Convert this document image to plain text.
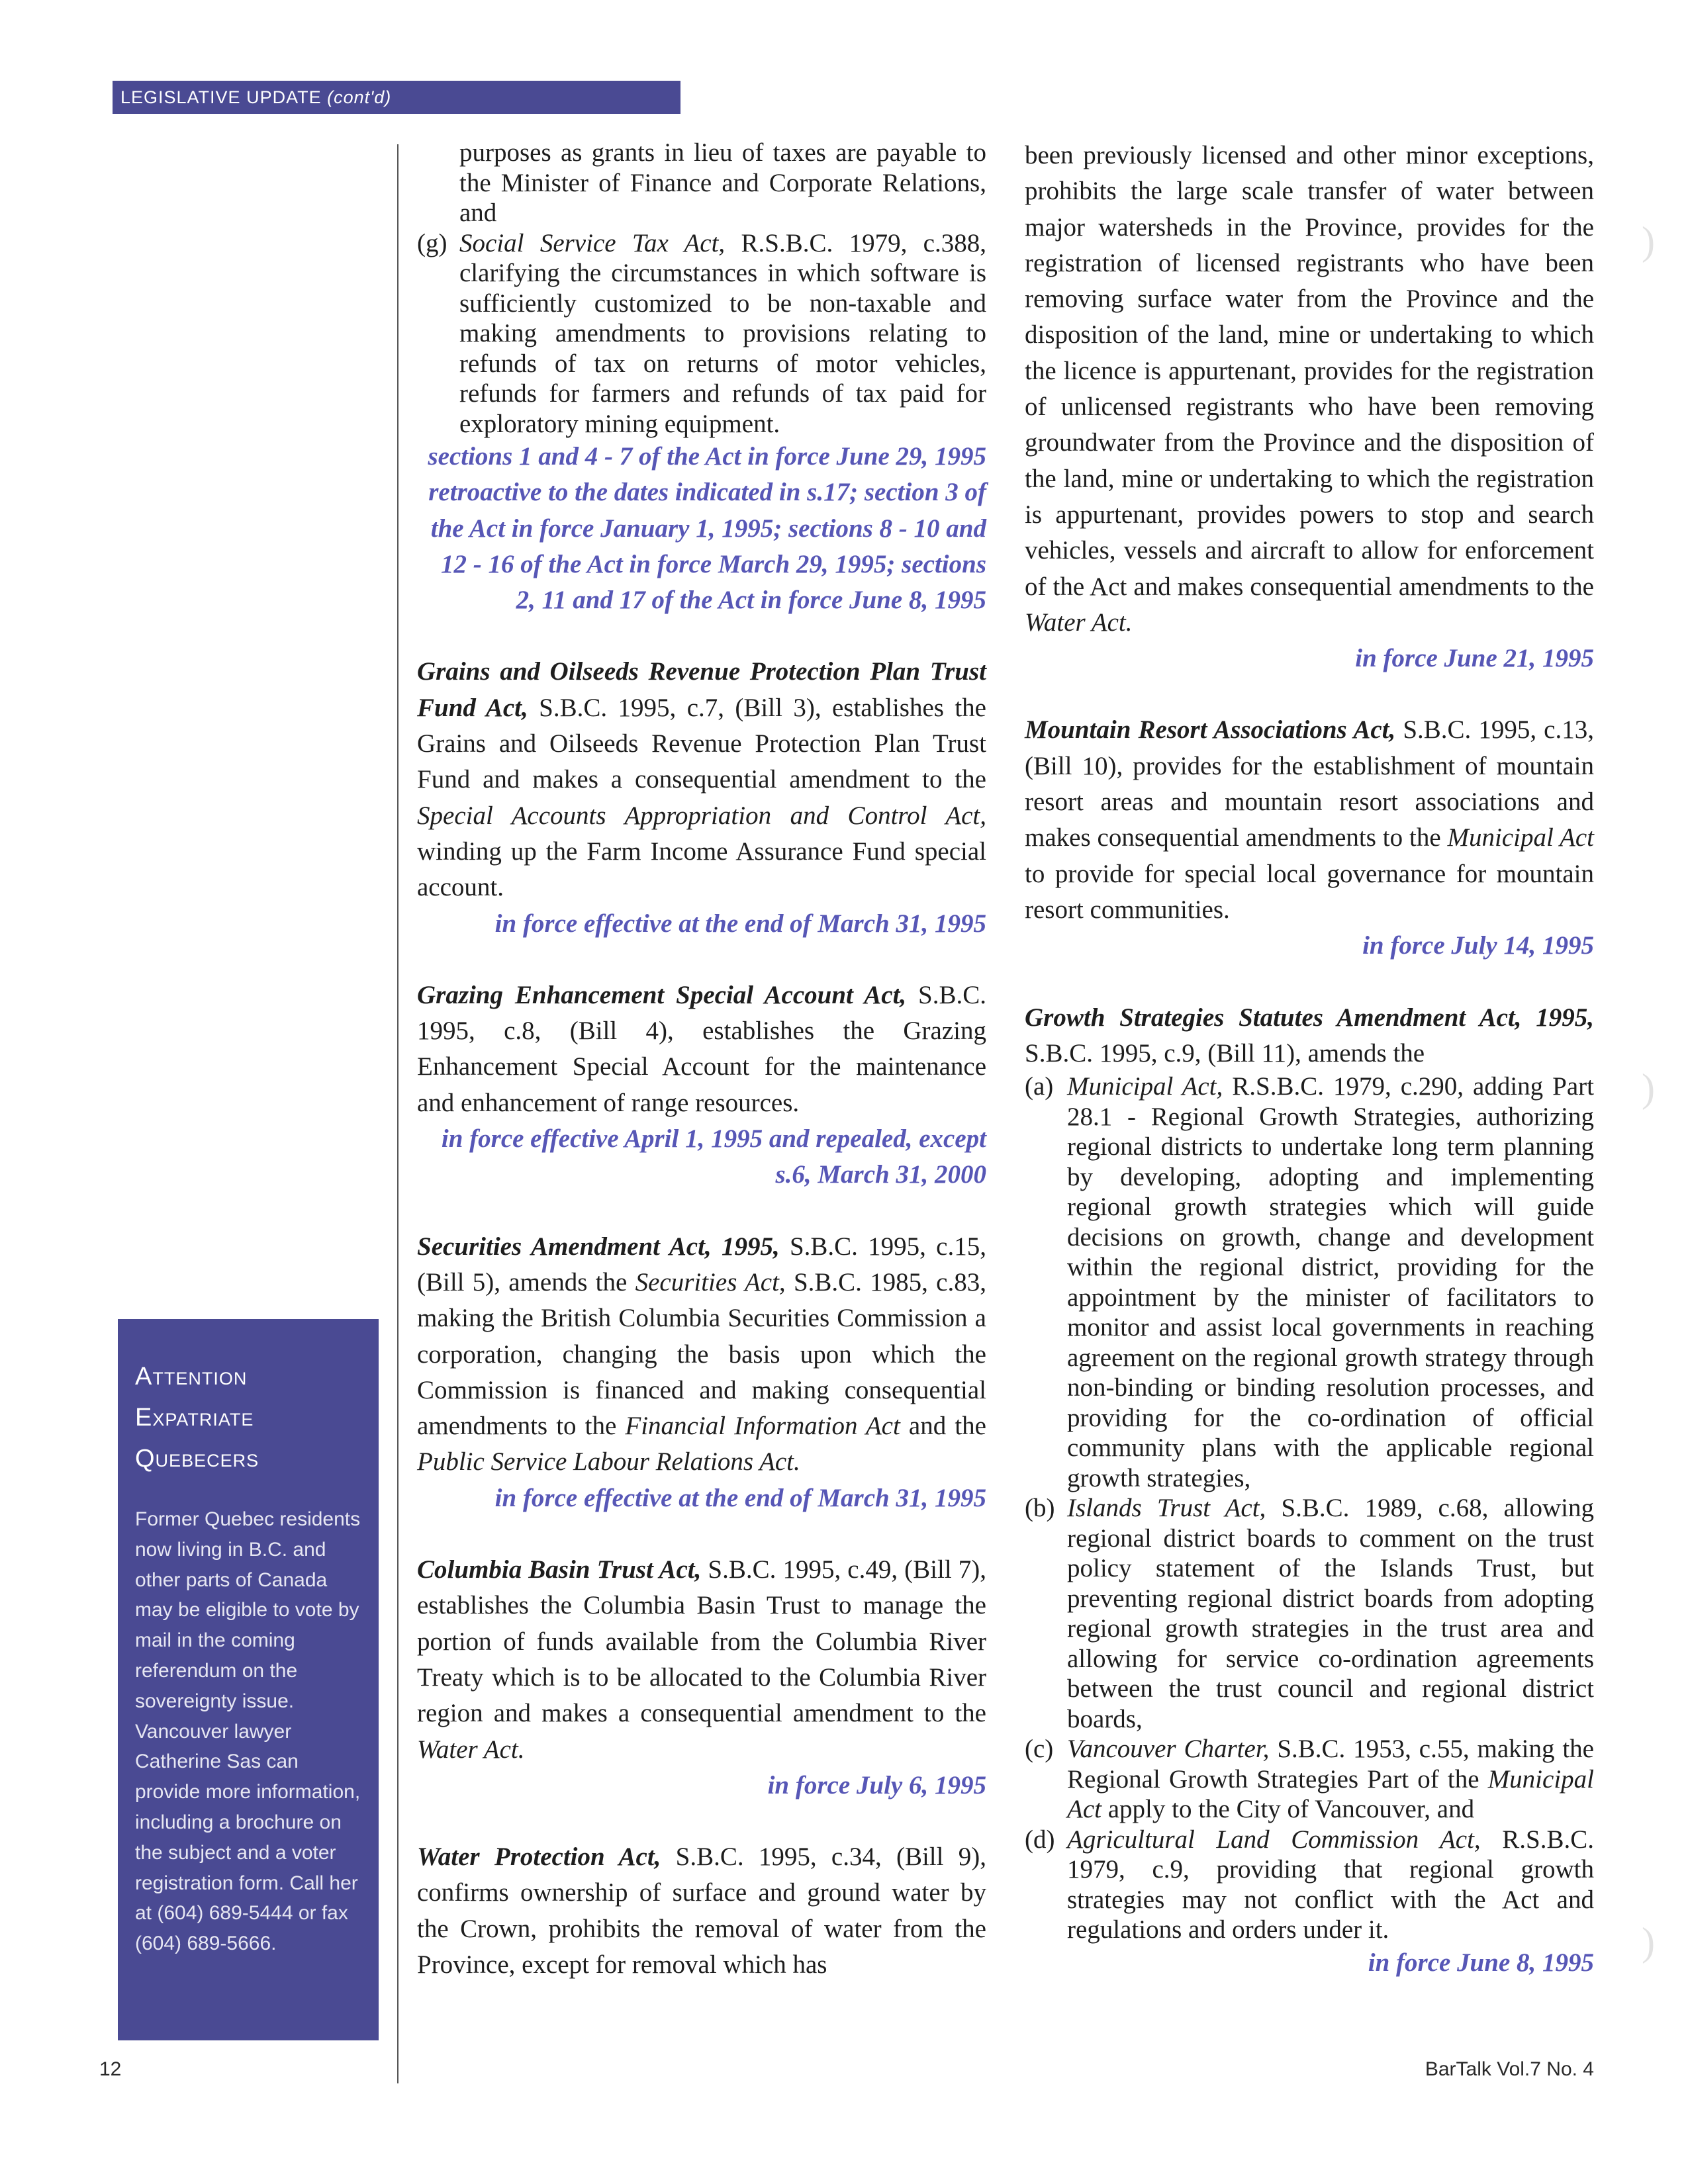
LEGISLATIVE UPDATE (cont'd)

purposes as grants in lieu of taxes are payable to the Minister of Finance and Corporate Relations, and

(g) Social Service Tax Act, R.S.B.C. 1979, c.388, clarifying the circumstances in which software is sufficiently customized to be non-taxable and making amendments to provisions relating to refunds of tax on returns of motor vehicles, refunds for farmers and refunds of tax paid for exploratory mining equipment.

sections 1 and 4 - 7 of the Act in force June 29, 1995 retroactive to the dates indicated in s.17; section 3 of the Act in force January 1, 1995; sections 8 - 10 and 12 - 16 of the Act in force March 29, 1995; sections 2, 11 and 17 of the Act in force June 8, 1995

Grains and Oilseeds Revenue Protection Plan Trust Fund Act, S.B.C. 1995, c.7, (Bill 3), establishes the Grains and Oilseeds Revenue Protection Plan Trust Fund and makes a consequential amendment to the Special Accounts Appropriation and Control Act, winding up the Farm Income Assurance Fund special account.

in force effective at the end of March 31, 1995

Grazing Enhancement Special Account Act, S.B.C. 1995, c.8, (Bill 4), establishes the Grazing Enhancement Special Account for the maintenance and enhancement of range resources.

in force effective April 1, 1995 and repealed, except s.6, March 31, 2000

Securities Amendment Act, 1995, S.B.C. 1995, c.15, (Bill 5), amends the Securities Act, S.B.C. 1985, c.83, making the British Columbia Securities Commission a corporation, changing the basis upon which the Commission is financed and making consequential amendments to the Financial Information Act and the Public Service Labour Relations Act.

in force effective at the end of March 31, 1995

Columbia Basin Trust Act, S.B.C. 1995, c.49, (Bill 7), establishes the Columbia Basin Trust to manage the portion of funds available from the Columbia River Treaty which is to be allocated to the Columbia River region and makes a consequential amendment to the Water Act.

in force July 6, 1995

Water Protection Act, S.B.C. 1995, c.34, (Bill 9), confirms ownership of surface and ground water by the Crown, prohibits the removal of water from the Province, except for removal which has

been previously licensed and other minor exceptions, prohibits the large scale transfer of water between major watersheds in the Province, provides for the registration of licensed registrants who have been removing surface water from the Province and the disposition of the land, mine or undertaking to which the licence is appurtenant, provides for the registration of unlicensed registrants who have been removing groundwater from the Province and the disposition of the land, mine or undertaking to which the registration is appurtenant, provides powers to stop and search vehicles, vessels and aircraft to allow for enforcement of the Act and makes consequential amendments to the Water Act.

in force June 21, 1995

Mountain Resort Associations Act, S.B.C. 1995, c.13, (Bill 10), provides for the establishment of mountain resort areas and mountain resort associations and makes consequential amendments to the Municipal Act to provide for special local governance for mountain resort communities.

in force July 14, 1995

Growth Strategies Statutes Amendment Act, 1995, S.B.C. 1995, c.9, (Bill 11), amends the

(a) Municipal Act, R.S.B.C. 1979, c.290, adding Part 28.1 - Regional Growth Strategies, authorizing regional districts to undertake long term planning by developing, adopting and implementing regional growth strategies which will guide decisions on growth, change and development within the regional district, providing for the appointment by the minister of facilitators to monitor and assist local governments in reaching agreement on the regional growth strategy through non-binding or binding resolution processes, and providing for the co-ordination of official community plans with the applicable regional growth strategies,
(b) Islands Trust Act, S.B.C. 1989, c.68, allowing regional district boards to comment on the trust policy statement of the Islands Trust, but preventing regional district boards from adopting regional growth strategies in the trust area and allowing for service co-ordination agreements between the trust council and regional district boards,
(c) Vancouver Charter, S.B.C. 1953, c.55, making the Regional Growth Strategies Part of the Municipal Act apply to the City of Vancouver, and
(d) Agricultural Land Commission Act, R.S.B.C. 1979, c.9, providing that regional growth strategies may not conflict with the Act and regulations and orders under it.

in force June 8, 1995

Attention
Expatriate
Quebecers
Former Quebec residents now living in B.C. and other parts of Canada may be eligible to vote by mail in the coming referendum on the sovereignty issue. Vancouver lawyer Catherine Sas can provide more information, including a brochure on the subject and a voter registration form. Call her at (604) 689-5444 or fax (604) 689-5666.
)
)
)
12	BarTalk Vol.7 No. 4
